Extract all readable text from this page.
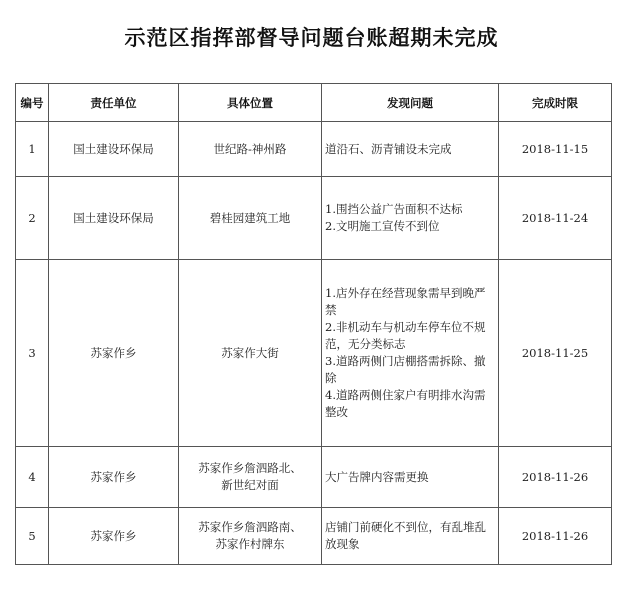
示范区指挥部督导问题台账超期未完成
编号	责任单位	具体位置	发现问题	完成时限
1	国土建设环保局	世纪路-神州路	道沿石、沥青铺设未完成	2018-11-15
2	国土建设环保局	碧桂园建筑工地	1.围挡公益广告面积不达标
2.文明施工宣传不到位	2018-11-24
3	苏家作乡	苏家作大街	1.店外存在经营现象需早到晚严禁
2.非机动车与机动车停车位不规范，无分类标志
3.道路两侧门店棚搭需拆除、撤除
4.道路两侧住家户有明排水沟需整改	2018-11-25
4	苏家作乡	苏家作乡詹泗路北、
新世纪对面	大广告牌内容需更换	2018-11-26
5	苏家作乡	苏家作乡詹泗路南、
苏家作村牌东	店铺门前硬化不到位，有乱堆乱放现象	2018-11-26
